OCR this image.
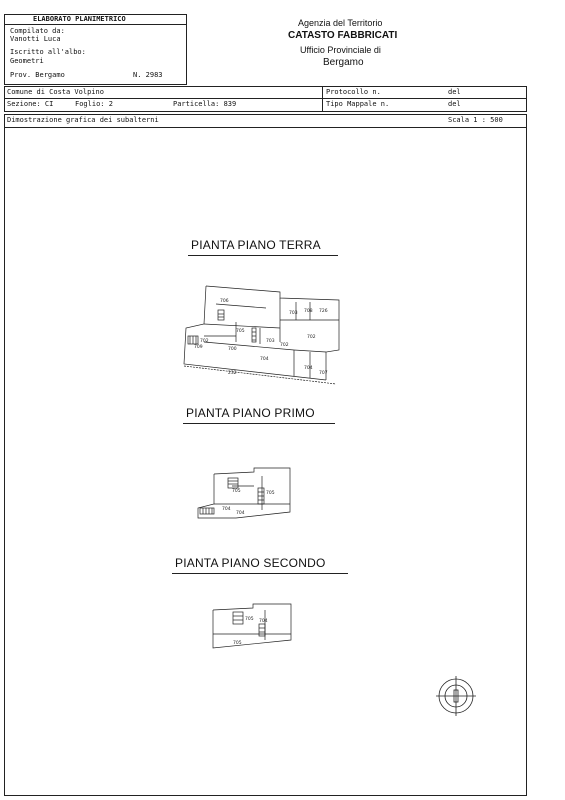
ELABORATO PLANIMETRICO
Compilato da:
Vanotti Luca
Iscritto all'albo:
Geometri
Prov. Bergamo	N. 2983
Agenzia del Territorio
CATASTO FABBRICATI
Ufficio Provinciale di
Bergamo
Comune di Costa Volpino
Sezione: CI	Foglio: 2	Particella: 839
Protocollo n.	del
Tipo Mappale n.	del
Dimostrazione grafica dei subalterni	Scala 1 : 500
PIANTA PIANO TERRA
PIANTA PIANO PRIMO
PIANTA PIANO SECONDO
706
705
703 708 726
702
702
709
703
700
704
702
704
707
232
705
704
705
704
705 704
705
